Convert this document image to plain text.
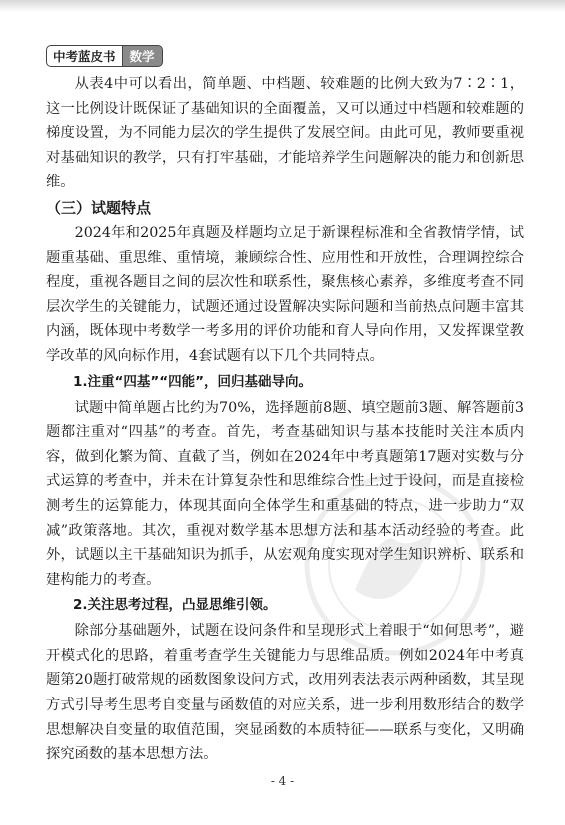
中考蓝皮书	数学

从表4中可以看出，简单题、中档题、较难题的比例大致为7∶2∶1，这一比例设计既保证了基础知识的全面覆盖，又可以通过中档题和较难题的梯度设置，为不同能力层次的学生提供了发展空间。由此可见，教师要重视对基础知识的教学，只有打牢基础，才能培养学生问题解决的能力和创新思维。

（三）试题特点

2024年和2025年真题及样题均立足于新课程标准和全省教情学情，试题重基础、重思维、重情境，兼顾综合性、应用性和开放性，合理调控综合程度，重视各题目之间的层次性和联系性，聚焦核心素养，多维度考查不同层次学生的关键能力，试题还通过设置解决实际问题和当前热点问题丰富其内涵，既体现中考数学一考多用的评价功能和育人导向作用，又发挥课堂教学改革的风向标作用，4套试题有以下几个共同特点。

1.注重“四基”“四能”，回归基础导向。

试题中简单题占比约为70%，选择题前8题、填空题前3题、解答题前3题都注重对“四基”的考查。首先，考查基础知识与基本技能时关注本质内容，做到化繁为简、直截了当，例如在2024年中考真题第17题对实数与分式运算的考查中，并未在计算复杂性和思维综合性上过于设问，而是直接检测考生的运算能力，体现其面向全体学生和重基础的特点，进一步助力“双减”政策落地。其次，重视对数学基本思想方法和基本活动经验的考查。此外，试题以主干基础知识为抓手，从宏观角度实现对学生知识辨析、联系和建构能力的考查。

2.关注思考过程，凸显思维引领。

除部分基础题外，试题在设问条件和呈现形式上着眼于“如何思考”，避开模式化的思路，着重考查学生关键能力与思维品质。例如2024年中考真题第20题打破常规的函数图象设问方式，改用列表法表示两种函数，其呈现方式引导考生思考自变量与函数值的对应关系，进一步利用数形结合的数学思想解决自变量的取值范围，突显函数的本质特征——联系与变化，又明确探究函数的基本思想方法。

- 4 -
